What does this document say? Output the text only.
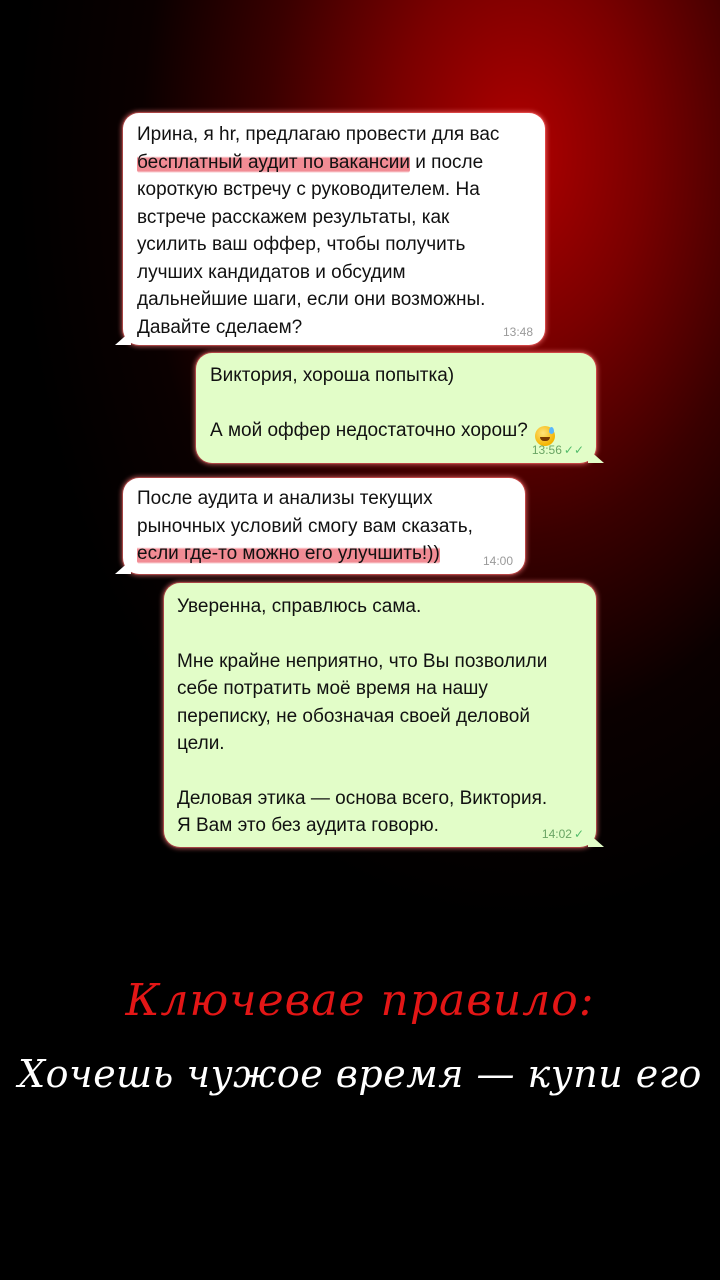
Ирина, я hr, предлагаю провести для вас
бесплатный аудит по вакансии и после
короткую встречу с руководителем. На
встрече расскажем результаты, как
усилить ваш оффер, чтобы получить
лучших кандидатов и обсудим
дальнейшие шаги, если они возможны.
Давайте сделаем?	13:48
Виктория, хороша попытка)
А мой оффер недостаточно хорош?
13:56 ✓✓
После аудита и анализы текущих
рыночных условий смогу вам сказать,
если где-то можно его улучшить!))	14:00
Уверенна, справлюсь сама.
Мне крайне неприятно, что Вы позволили
себе потратить моё время на нашу
переписку, не обозначая своей деловой
цели.
Деловая этика — основа всего, Виктория.
Я Вам это без аудита говорю.	14:02 ✓
Ключевае правило:
Хочешь чужое время — купи его
